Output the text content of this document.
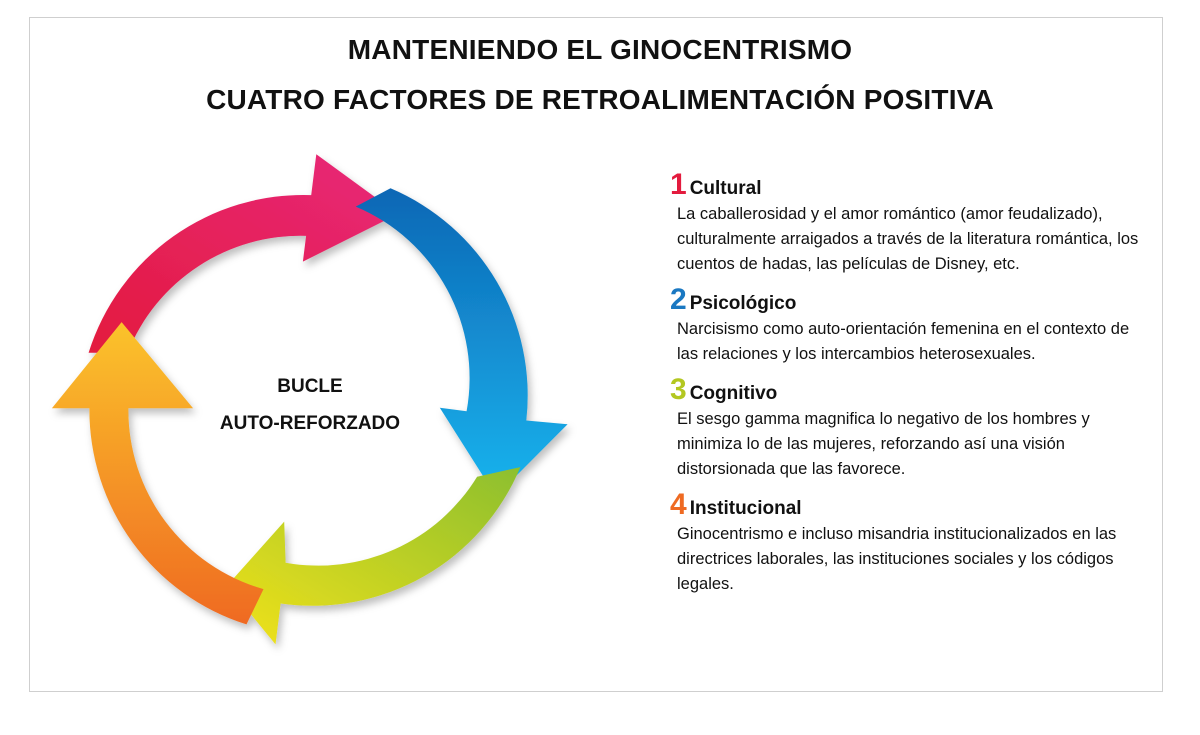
MANTENIENDO EL GINOCENTRISMO
CUATRO FACTORES DE RETROALIMENTACIÓN POSITIVA
BUCLE
AUTO-REFORZADO
1 Cultural
La caballerosidad y el amor romántico (amor feudalizado), culturalmente arraigados a través de la literatura romántica, los cuentos de hadas, las películas de Disney, etc.
2 Psicológico
Narcisismo como auto-orientación femenina en el contexto de las relaciones y los intercambios heterosexuales.
3 Cognitivo
El sesgo gamma magnifica lo negativo de los hombres y minimiza lo de las mujeres, reforzando así una visión distorsionada que las favorece.
4 Institucional
Ginocentrismo e incluso misandria institucionalizados en las directrices laborales, las instituciones sociales y los códigos legales.
